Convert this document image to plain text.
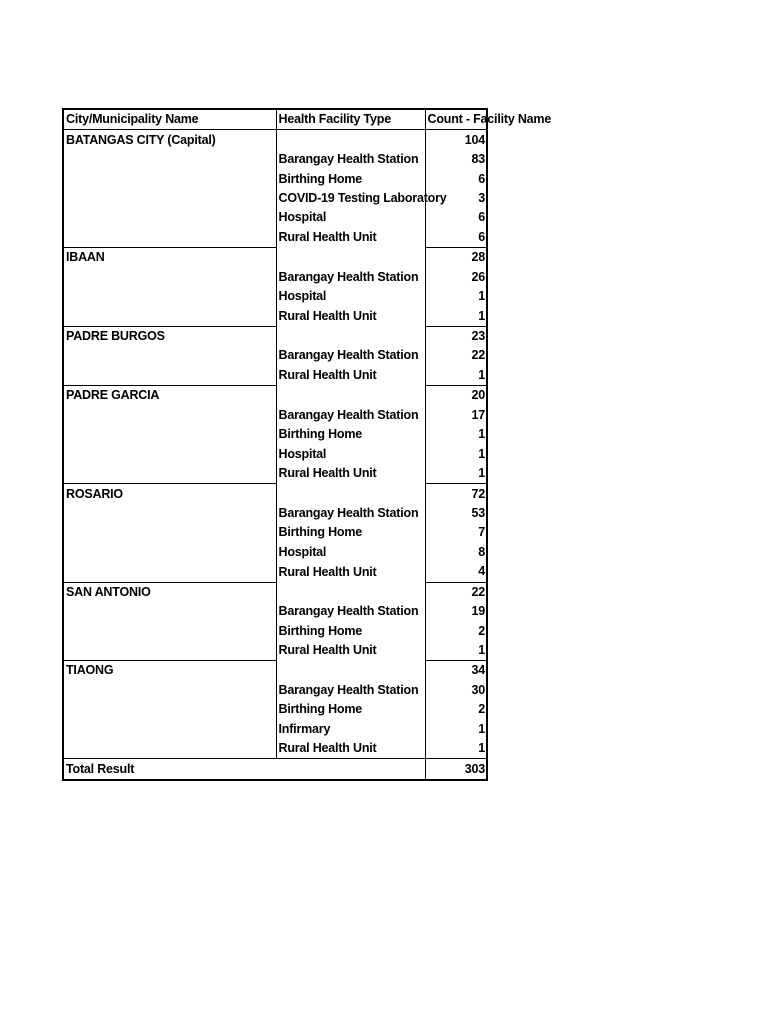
City/Municipality Name	Health Facility Type	Count - Facility Name

BATANGAS CITY (Capital)		104
	Barangay Health Station	83
	Birthing Home	6
	COVID-19 Testing Laboratory	3
	Hospital	6
	Rural Health Unit	6
IBAAN		28
	Barangay Health Station	26
	Hospital	1
	Rural Health Unit	1
PADRE BURGOS		23
	Barangay Health Station	22
	Rural Health Unit	1
PADRE GARCIA		20
	Barangay Health Station	17
	Birthing Home	1
	Hospital	1
	Rural Health Unit	1
ROSARIO		72
	Barangay Health Station	53
	Birthing Home	7
	Hospital	8
	Rural Health Unit	4
SAN ANTONIO		22
	Barangay Health Station	19
	Birthing Home	2
	Rural Health Unit	1
TIAONG		34
	Barangay Health Station	30
	Birthing Home	2
	Infirmary	1
	Rural Health Unit	1
Total Result		303
